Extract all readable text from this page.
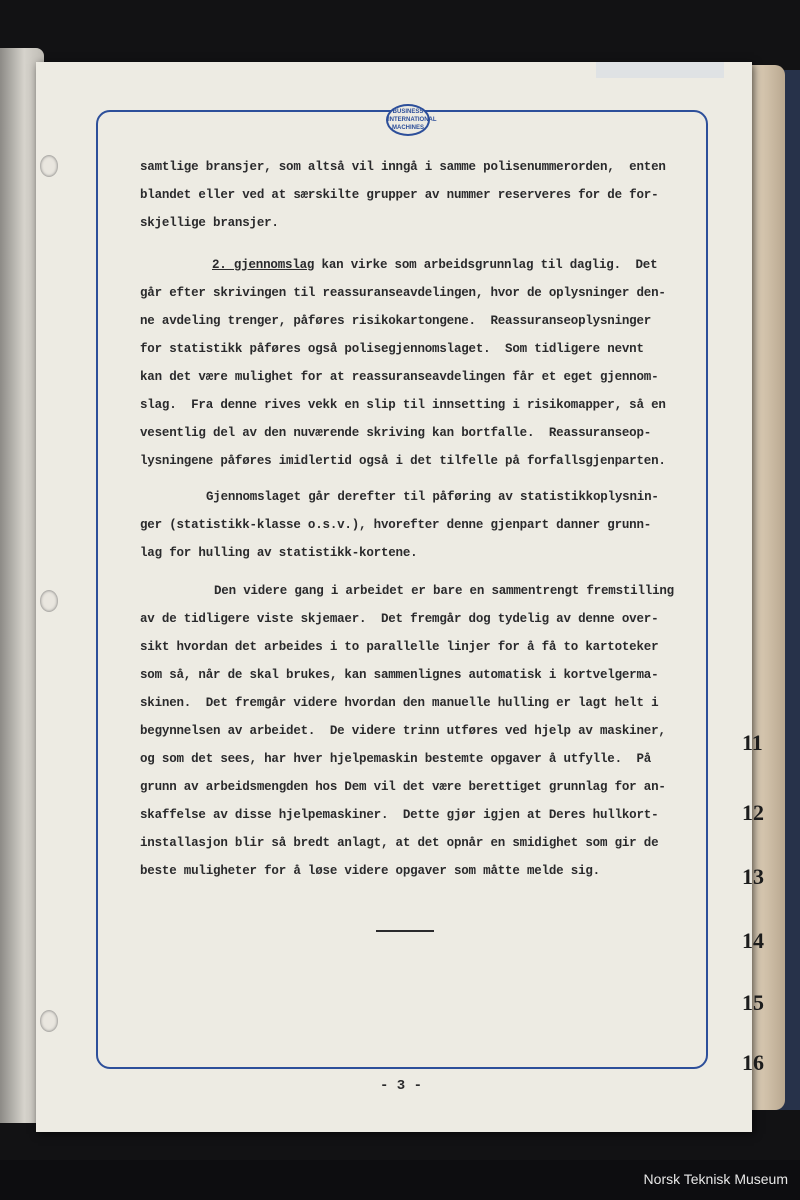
BUSINESS
INTERNATIONAL
MACHINES

samtlige bransjer, som altså vil inngå i samme polisenummerorden,  enten

blandet eller ved at særskilte grupper av nummer reserveres for de for-

skjellige bransjer.

2. gjennomslag kan virke som arbeidsgrunnlag til daglig.  Det

går efter skrivingen til reassuranseavdelingen, hvor de oplysninger den-

ne avdeling trenger, påføres risikokartongene.  Reassuranseoplysninger

for statistikk påføres også polisegjennomslaget.  Som tidligere nevnt

kan det være mulighet for at reassuranseavdelingen får et eget gjennom-

slag.  Fra denne rives vekk en slip til innsetting i risikomapper, så en

vesentlig del av den nuværende skriving kan bortfalle.  Reassuranseop-

lysningene påføres imidlertid også i det tilfelle på forfallsgjenparten.

Gjennomslaget går derefter til påføring av statistikkoplysnin-

ger (statistikk-klasse o.s.v.), hvorefter denne gjenpart danner grunn-

lag for hulling av statistikk-kortene.

Den videre gang i arbeidet er bare en sammentrengt fremstilling

av de tidligere viste skjemaer.  Det fremgår dog tydelig av denne over-

sikt hvordan det arbeides i to parallelle linjer for å få to kartoteker

som så, når de skal brukes, kan sammenlignes automatisk i kortvelgerma-

skinen.  Det fremgår videre hvordan den manuelle hulling er lagt helt i

begynnelsen av arbeidet.  De videre trinn utføres ved hjelp av maskiner,

og som det sees, har hver hjelpemaskin bestemte opgaver å utfylle.  På

grunn av arbeidsmengden hos Dem vil det være berettiget grunnlag for an-

skaffelse av disse hjelpemaskiner.  Dette gjør igjen at Deres hullkort-

installasjon blir så bredt anlagt, at det opnår en smidighet som gir de

beste muligheter for å løse videre opgaver som måtte melde sig.

- 3 -
11
12
13
14
15
16
Norsk Teknisk Museum
